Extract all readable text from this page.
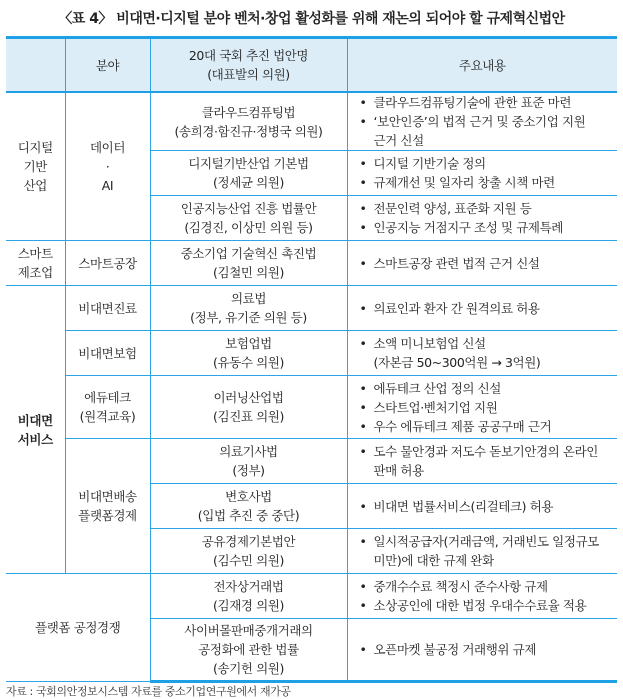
〈표 4〉 비대면·디지털 분야 벤처·창업 활성화를 위해 재논의 되어야 할 규제혁신법안
	분야	20대 국회 추진 법안명
(대표발의 의원)	주요내용

디지털
기반
산업	데이터
·
AI	클라우드컴퓨팅법
(송희경·함진규·정병국 의원)	• 클라우드컴퓨팅기술에 관한 표준 마련
• ‘보안인증’의 법적 근거 및 중소기업 지원
근거 신설

		디지털기반산업 기본법
(정세균 의원)	• 디지털 기반기술 정의
• 규제개선 및 일자리 창출 시책 마련

		인공지능산업 진흥 법률안
(김경진, 이상민 의원 등)	• 전문인력 양성, 표준화 지원 등
• 인공지능 거점지구 조성 및 규제특례

스마트
제조업	스마트공장	중소기업 기술혁신 촉진법
(김철민 의원)	• 스마트공장 관련 법적 근거 신설

비대면
서비스	비대면진료	의료법
(정부, 유기준 의원 등)	• 의료인과 환자 간 원격의료 허용

	비대면보험	보험업법
(유동수 의원)	• 소액 미니보험업 신설
(자본금 50~300억원 → 3억원)

	에듀테크
(원격교육)	이러닝산업법
(김진표 의원)	• 에듀테크 산업 정의 신설
• 스타트업·벤처기업 지원
• 우수 에듀테크 제품 공공구매 근거

	비대면배송
플랫폼경제	의료기사법
(정부)	• 도수 물안경과 저도수 돋보기안경의 온라인
판매 허용

		변호사법
(입법 추진 중 중단)	• 비대면 법률서비스(리걸테크) 허용

		공유경제기본법안
(김수민 의원)	• 일시적공급자(거래금액, 거래빈도 일정규모
미만)에 대한 규제 완화

플랫폼 공정경쟁		전자상거래법
(김재경 의원)	• 중개수수료 책정시 준수사항 규제
• 소상공인에 대한 법정 우대수수료율 적용

		사이버몰판매중개거래의
공정화에 관한 법률
(송기헌 의원)	• 오픈마켓 불공정 거래행위 규제
자료 : 국회의안정보시스템 자료를 중소기업연구원에서 재가공
